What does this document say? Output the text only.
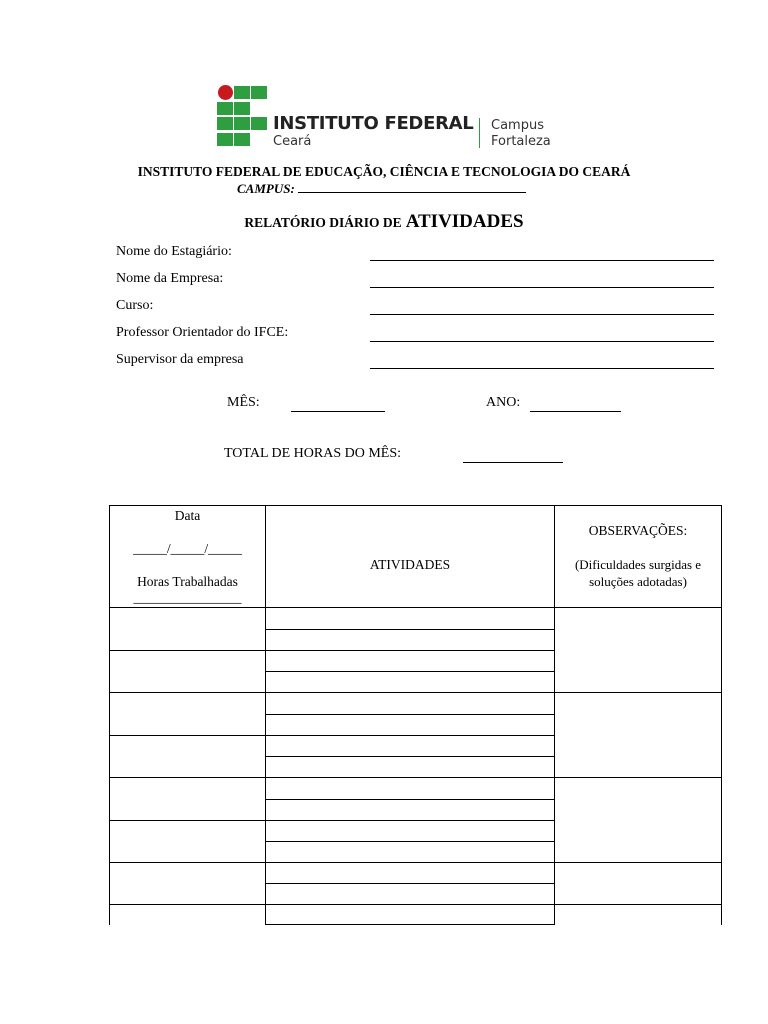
INSTITUTO FEDERAL
Ceará
Campus
Fortaleza
INSTITUTO FEDERAL DE EDUCAÇÃO, CIÊNCIA E TECNOLOGIA DO CEARÁ
CAMPUS:
RELATÓRIO DIÁRIO DE ATIVIDADES
Nome do Estagiário:
Nome da Empresa:
Curso:
Professor Orientador do IFCE:
Supervisor da empresa
MÊS:	ANO:
TOTAL DE HORAS DO MÊS:
Data
_____/_____/_____
Horas Trabalhadas
________________
ATIVIDADES
OBSERVAÇÕES:
(Dificuldades surgidas e
soluções adotadas)
